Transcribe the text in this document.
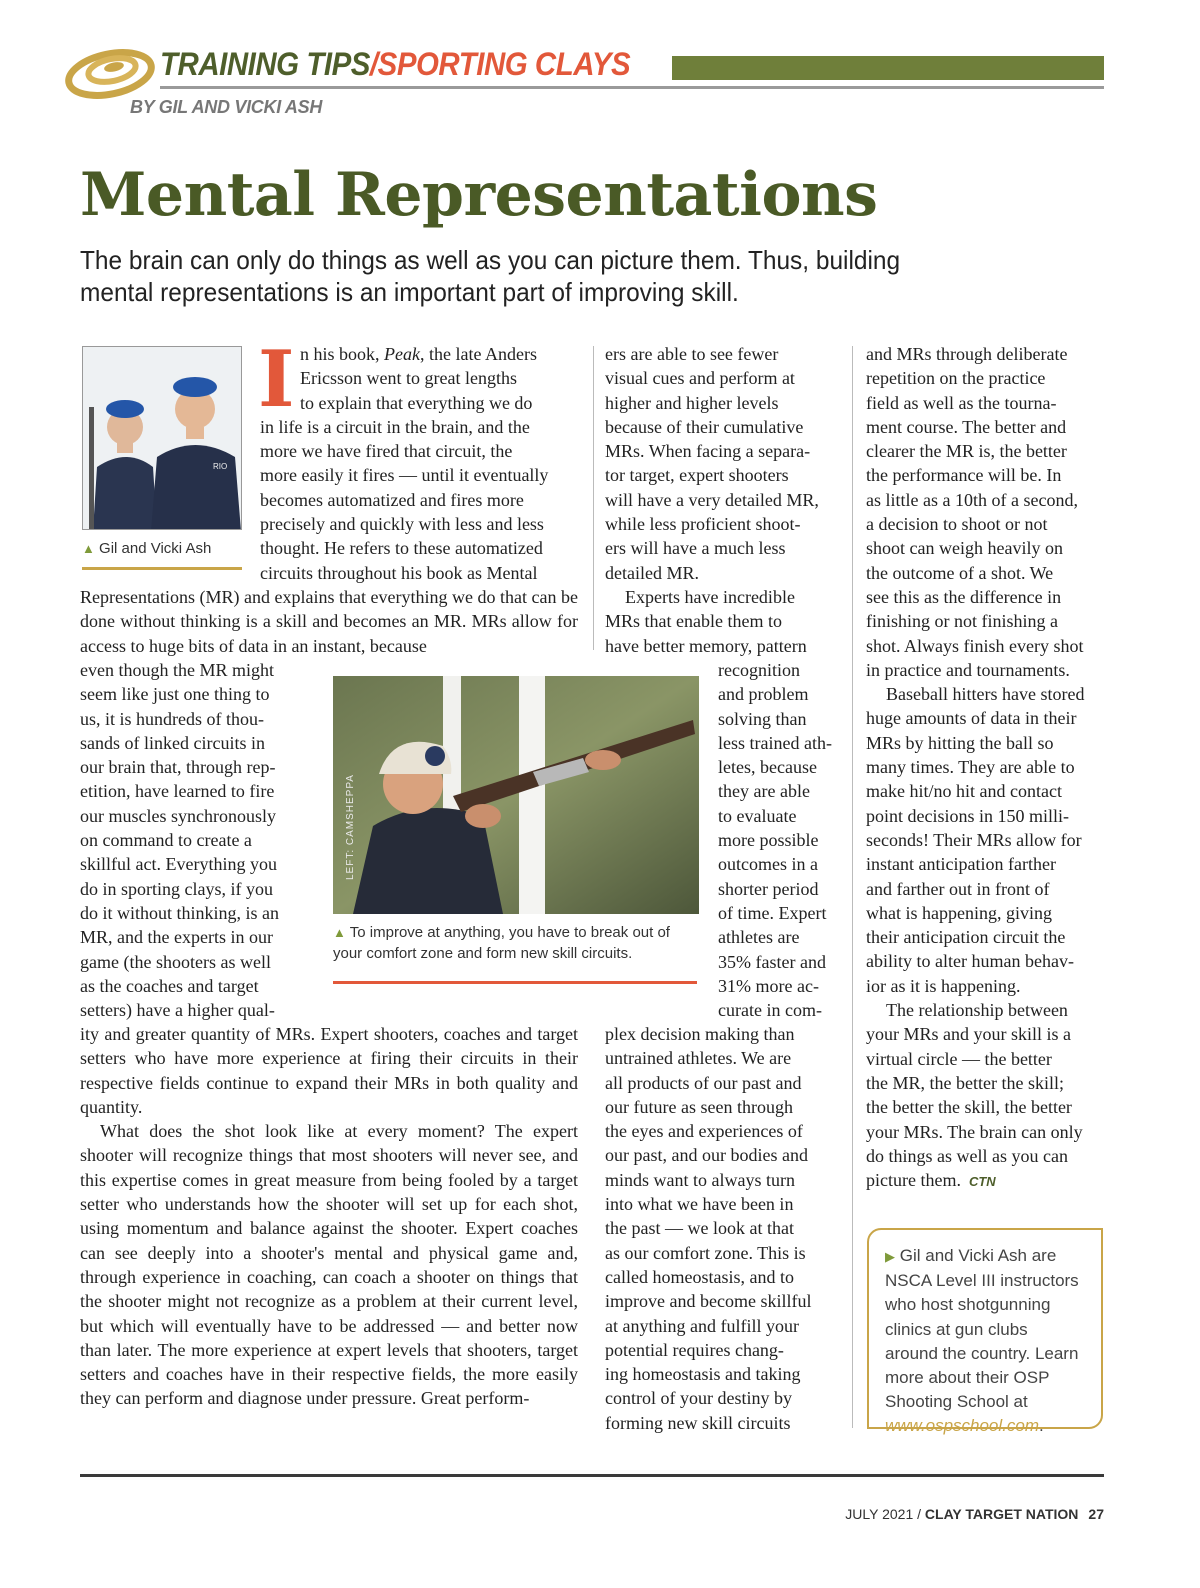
TRAINING TIPS/SPORTING CLAYS
BY GIL AND VICKI ASH
Mental Representations
The brain can only do things as well as you can picture them. Thus, building mental representations is an important part of improving skill.
RIO
▲ Gil and Vicki Ash
I n his book, Peak, the late Anders

Ericsson went to great lengths

to explain that everything we do

in life is a circuit in the brain, and the

more we have fired that circuit, the

more easily it fires — until it eventually

becomes automatized and fires more

precisely and quickly with less and less

thought. He refers to these automatized

circuits throughout his book as Mental

Representations (MR) and explains that everything we do that can be done without thinking is a skill and becomes an MR. MRs allow for access to huge bits of data in an instant, because

even though the MR might

seem like just one thing to

us, it is hundreds of thou-

sands of linked circuits in

our brain that, through rep-

etition, have learned to fire

our muscles synchronously

on command to create a

skillful act. Everything you

do in sporting clays, if you

do it without thinking, is an

MR, and the experts in our

game (the shooters as well

as the coaches and target

setters) have a higher qual-

ity and greater quantity of MRs. Expert shooters, coaches and target setters who have more experience at firing their circuits in their respective fields continue to expand their MRs in both quality and quantity.

What does the shot look like at every moment? The expert shooter will recognize things that most shooters will never see, and this expertise comes in great measure from being fooled by a target setter who understands how the shooter will set up for each shot, using momentum and balance against the shooter. Expert coaches can see deeply into a shooter's mental and physical game and, through experience in coaching, can coach a shooter on things that the shooter might not recognize as a problem at their current level, but which will eventually have to be addressed — and better now than later. The more experience at expert levels that shooters, target setters and coaches have in their respective fields, the more easily they can perform and diagnose under pressure. Great perform-

LEFT: CAMSHEPPA
▲ To improve at anything, you have to break out of your comfort zone and form new skill circuits.

ers are able to see fewer

visual cues and perform at

higher and higher levels

because of their cumulative

MRs. When facing a separa-

tor target, expert shooters

will have a very detailed MR,

while less proficient shoot-

ers will have a much less

detailed MR.

Experts have incredible

MRs that enable them to

have better memory, pattern

recognition

and problem

solving than

less trained ath-

letes, because

they are able

to evaluate

more possible

outcomes in a

shorter period

of time. Expert

athletes are

35% faster and

31% more ac-

curate in com-

plex decision making than

untrained athletes. We are

all products of our past and

our future as seen through

the eyes and experiences of

our past, and our bodies and

minds want to always turn

into what we have been in

the past — we look at that

as our comfort zone. This is

called homeostasis, and to

improve and become skillful

at anything and fulfill your

potential requires chang-

ing homeostasis and taking

control of your destiny by

forming new skill circuits

and MRs through deliberate

repetition on the practice

field as well as the tourna-

ment course. The better and

clearer the MR is, the better

the performance will be. In

as little as a 10th of a second,

a decision to shoot or not

shoot can weigh heavily on

the outcome of a shot. We

see this as the difference in

finishing or not finishing a

shot. Always finish every shot

in practice and tournaments.

Baseball hitters have stored

huge amounts of data in their

MRs by hitting the ball so

many times. They are able to

make hit/no hit and contact

point decisions in 150 milli-

seconds! Their MRs allow for

instant anticipation farther

and farther out in front of

what is happening, giving

their anticipation circuit the

ability to alter human behav-

ior as it is happening.

The relationship between

your MRs and your skill is a

virtual circle — the better

the MR, the better the skill;

the better the skill, the better

your MRs. The brain can only

do things as well as you can

picture them. CTN

▶ Gil and Vicki Ash are NSCA Level III instructors who host shotgunning clinics at gun clubs around the country. Learn more about their OSP Shooting School at www.ospschool.com.
JULY 2021 / CLAY TARGET NATION 27
